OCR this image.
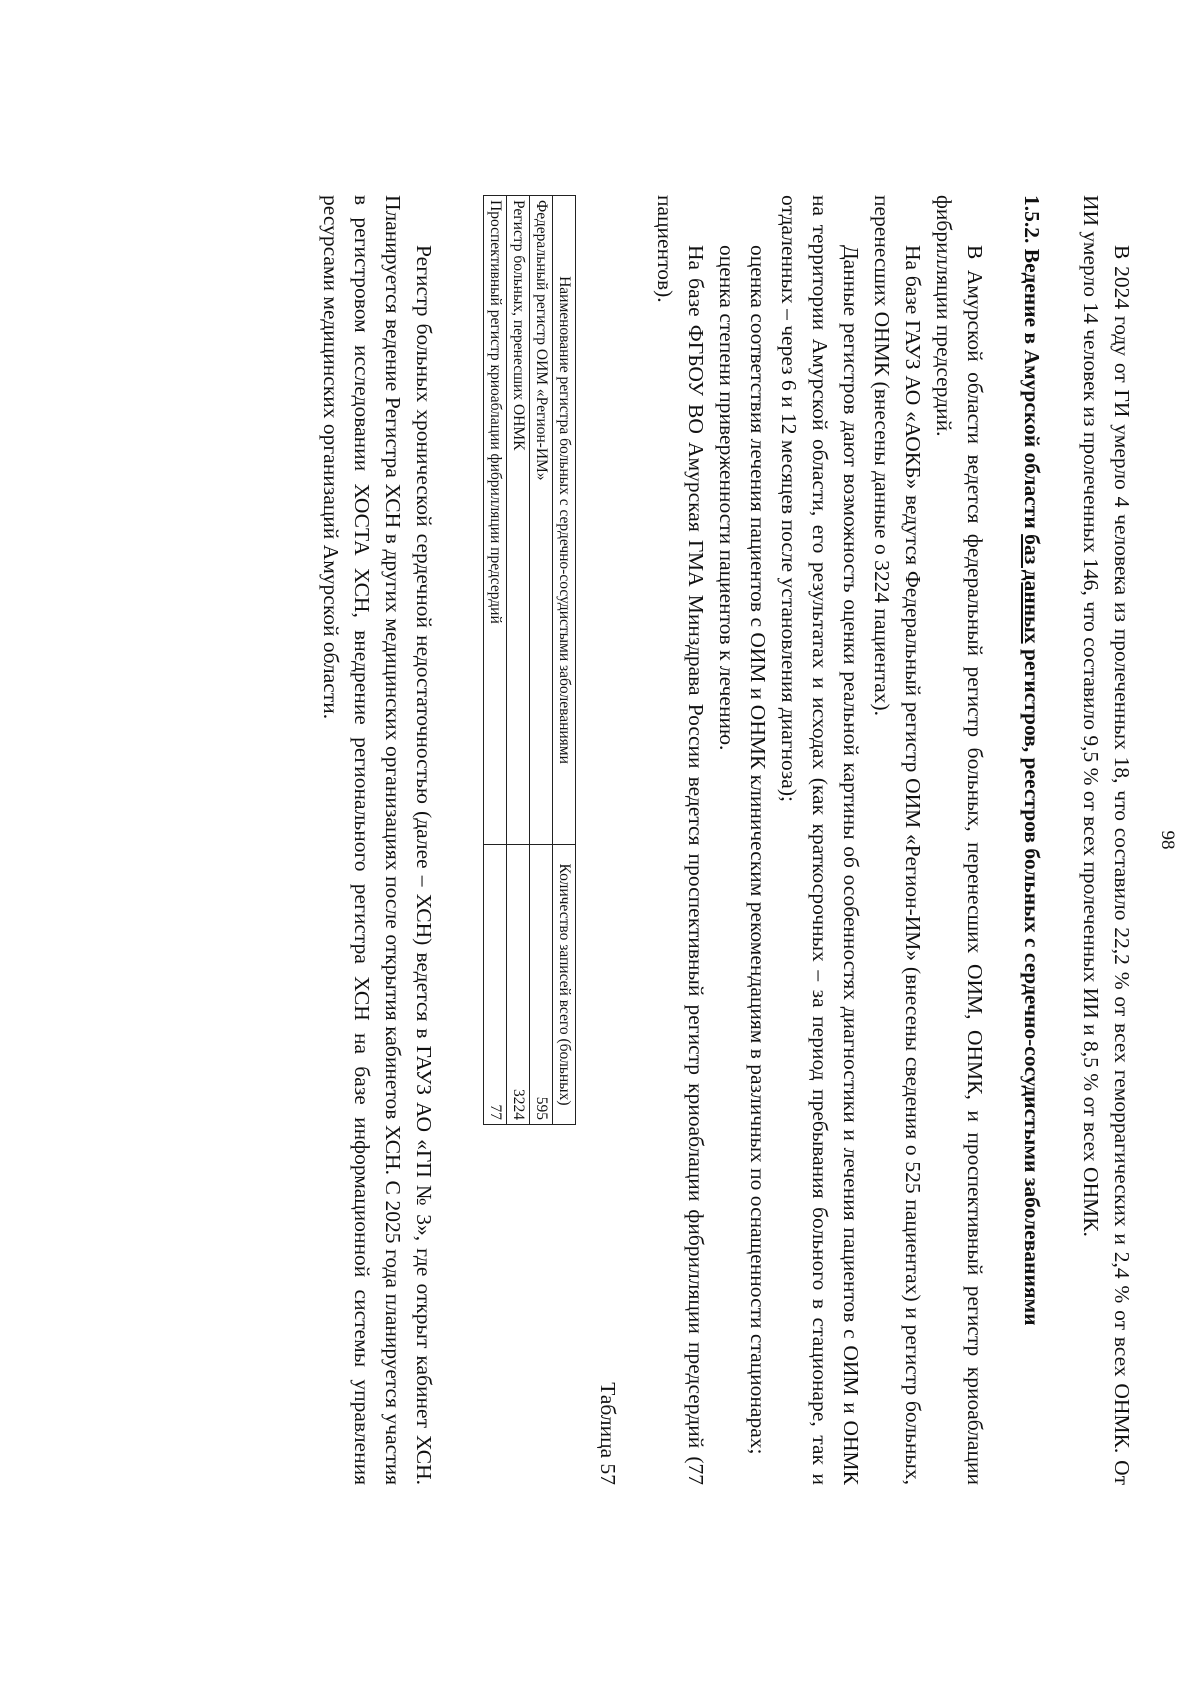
98

В 2024 году от ГИ умерло 4 человека из пролеченных 18, что составило 22,2 % от всех геморрагических и 2,4 % от всех ОНМК. От ИИ умерло 14 человек из пролеченных 146, что составило 9,5 % от всех пролеченных ИИ и 8,5 % от всех ОНМК.

1.5.2. Ведение в Амурской области баз данных регистров, реестров больных с сердечно-сосудистыми заболеваниями

В Амурской области ведется федеральный регистр больных, перенесших ОИМ, ОНМК, и проспективный регистр криоаблации фибрилляции предсердий.

На базе ГАУЗ АО «АОКБ» ведутся Федеральный регистр ОИМ «Регион-ИМ» (внесены сведения о 525 пациентах) и регистр больных, перенесших ОНМК (внесены данные о 3224 пациентах).

Данные регистров дают возможность оценки реальной картины об особенностях диагностики и лечения пациентов с ОИМ и ОНМК на территории Амурской области, его результатах и исходах (как краткосрочных – за период пребывания больного в стационаре, так и отдаленных – через 6 и 12 месяцев после установления диагноза);

оценка соответствия лечения пациентов с ОИМ и ОНМК клиническим рекомендациям в различных по оснащенности стационарах;

оценка степени приверженности пациентов к лечению.

На базе ФГБОУ ВО Амурская ГМА Минздрава России ведется проспективный регистр криоаблации фибрилляции предсердий (77 пациентов).

Таблица 57
Наименование регистра больных с сердечно-сосудистыми заболеваниями	Количество записей всего (больных)
Федеральный регистр ОИМ «Регион-ИМ»	595
Регистр больных, перенесших ОНМК	3224
Проспективный регистр криоаблации фибрилляции предсердий	77

Регистр больных хронической сердечной недостаточностью (далее – ХСН) ведется в ГАУЗ АО «ГП № 3», где открыт кабинет ХСН. Планируется ведение Регистра ХСН в других медицинских организациях после открытия кабинетов ХСН. С 2025 года планируется участия в регистровом исследовании ХОСТА ХСН, внедрение регионального регистра ХСН на базе информационной системы управления ресурсами медицинских организаций Амурской области.
